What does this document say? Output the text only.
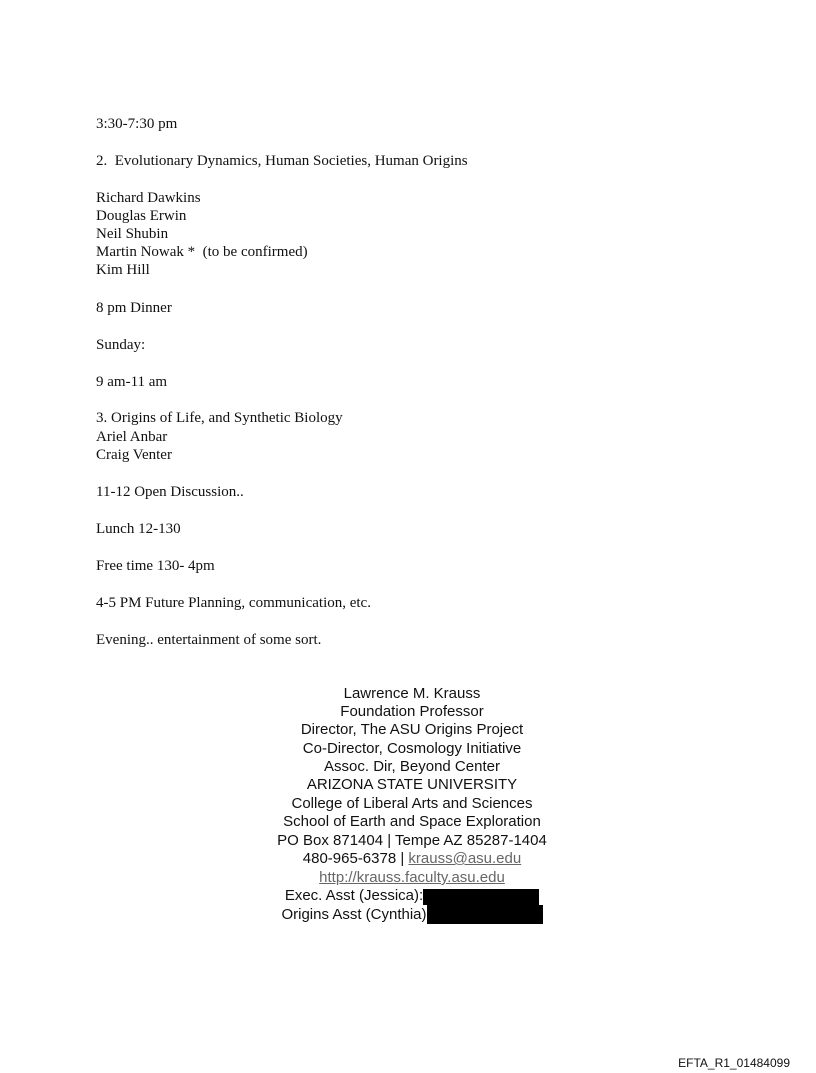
3:30-7:30 pm
2.  Evolutionary Dynamics, Human Societies, Human Origins
Richard Dawkins
Douglas Erwin
Neil Shubin
Martin Nowak *  (to be confirmed)
Kim Hill
8 pm Dinner
Sunday:
9 am-11 am
3. Origins of Life, and Synthetic Biology
Ariel Anbar
Craig Venter
11-12 Open Discussion..
Lunch 12-130
Free time 130- 4pm
4-5 PM Future Planning, communication, etc.
Evening.. entertainment of some sort.
Lawrence M. Krauss
Foundation Professor
Director, The ASU Origins Project
Co-Director, Cosmology Initiative
Assoc. Dir, Beyond Center
ARIZONA STATE UNIVERSITY
College of Liberal Arts and Sciences
School of Earth and Space Exploration
PO Box 871404 | Tempe AZ 85287-1404
480-965-6378 | krauss@asu.edu
http://krauss.faculty.asu.edu
Exec. Asst (Jessica):
Origins Asst (Cynthia)
EFTA_R1_01484099
